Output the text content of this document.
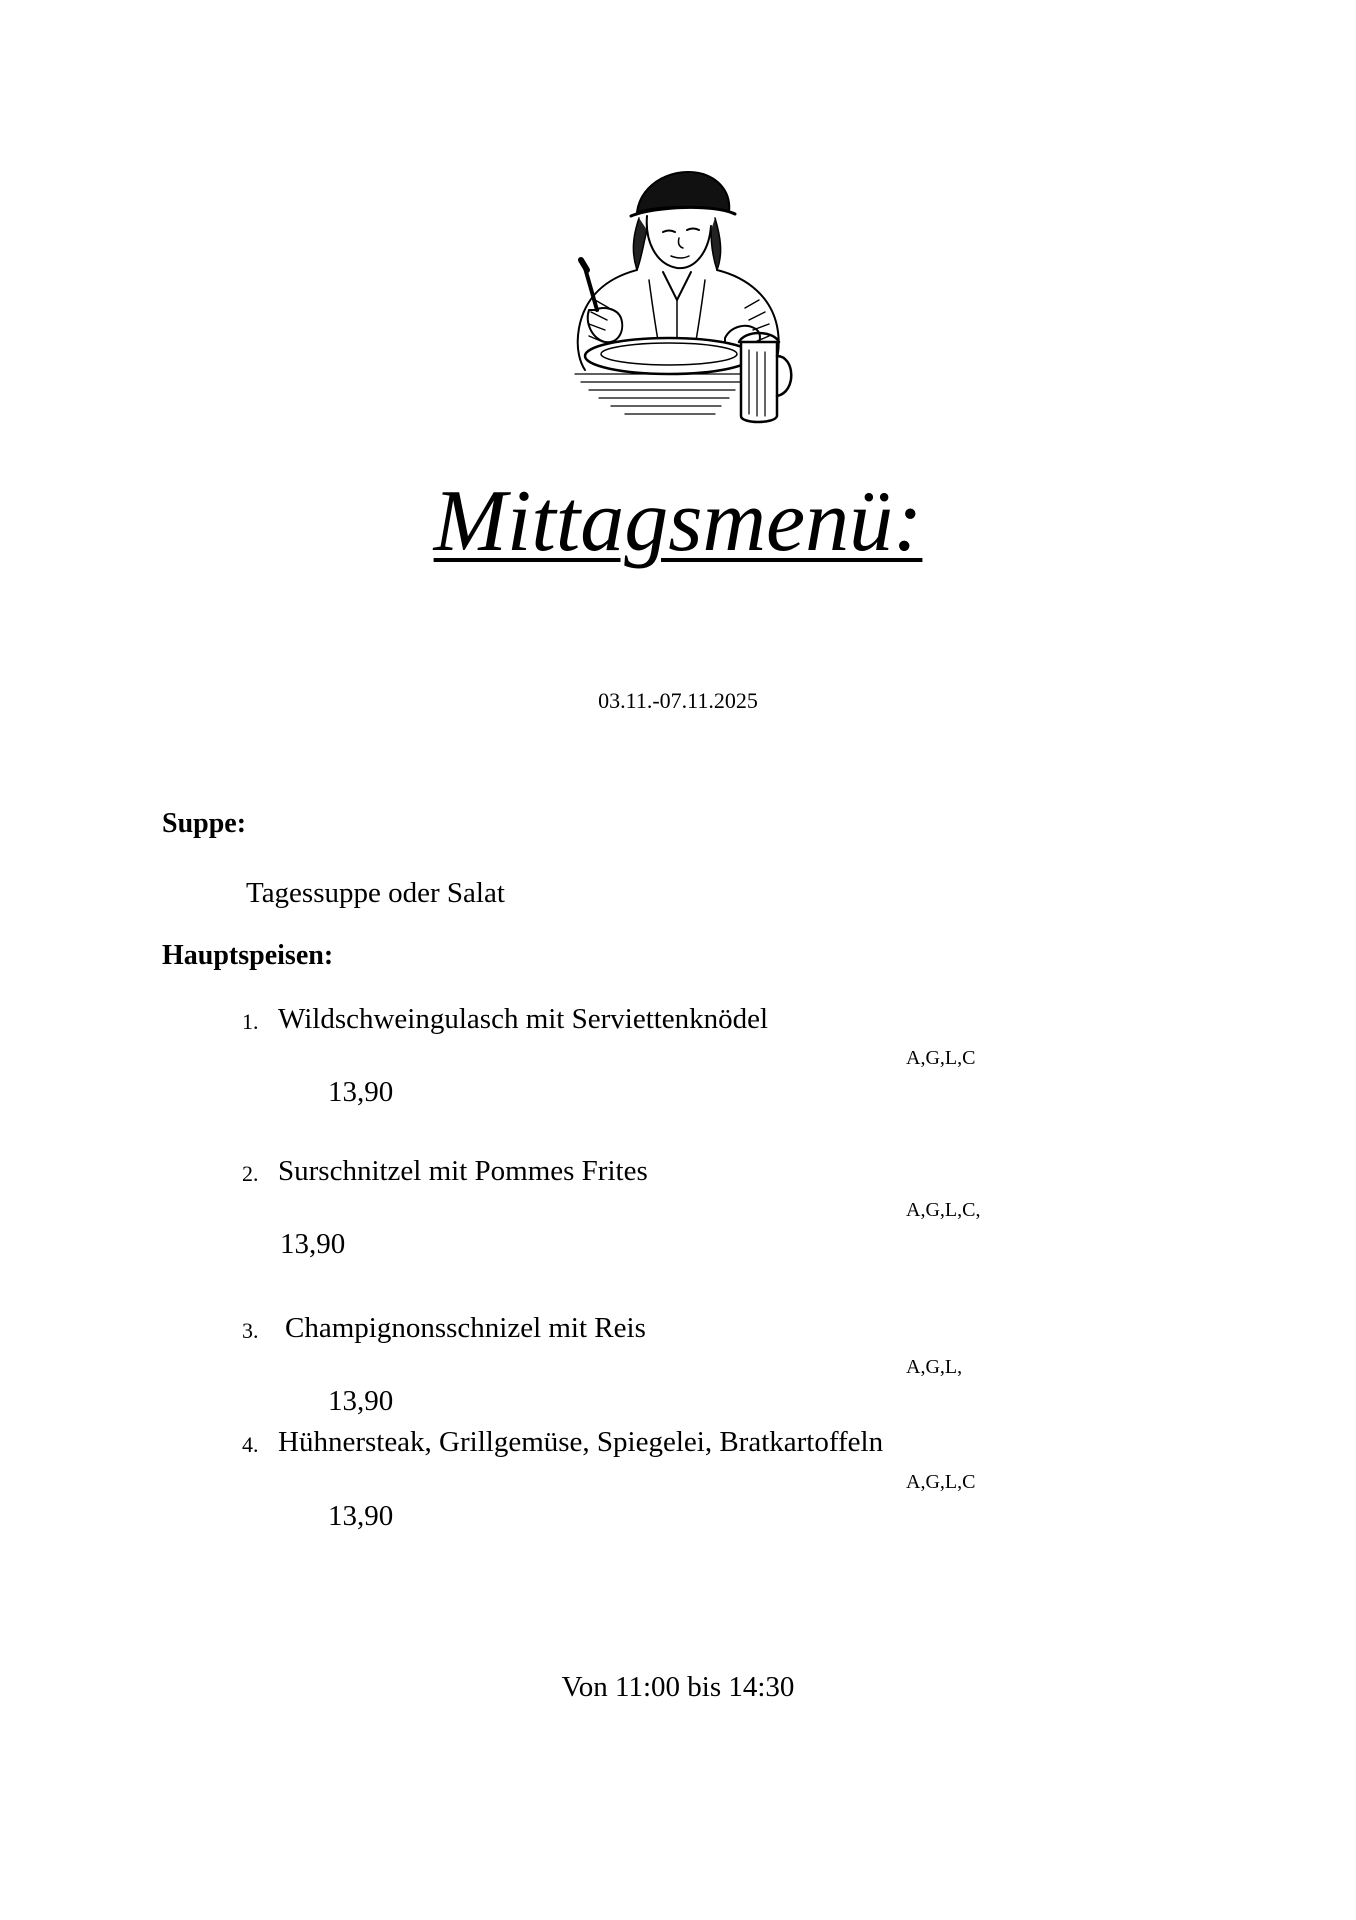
Mittagsmenü:
03.11.-07.11.2025
Suppe:
Tagessuppe oder Salat
Hauptspeisen:
1. Wildschweingulasch mit Serviettenknödel
A,G,L,C
13,90
2. Surschnitzel mit Pommes Frites
A,G,L,C,
13,90
3. Champignonsschnizel mit Reis
A,G,L,
13,90
4. Hühnersteak, Grillgemüse, Spiegelei, Bratkartoffeln
A,G,L,C
13,90
Von 11:00 bis 14:30
